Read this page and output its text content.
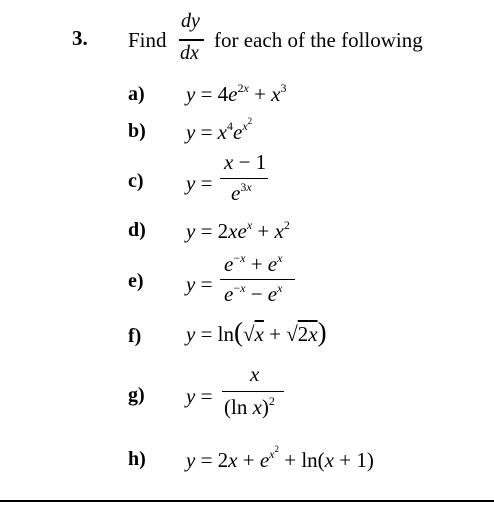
3. Find
dy
dx
for each of the following
a) $y = 4e^{2x} + x^3$
b) $y = x^4e^{x^2}$
c) y =
x − 1
$e^{3x}$
d) $y = 2xe^x + x^2$
e) y =
$e^{-x} + e^x$
$e^{-x} - e^x$
f) y = ln(√x + √2x)
g) y =
x
(ln x)$^2$
h) $y = 2x + e^{x^2} + \ln(x + 1)$
